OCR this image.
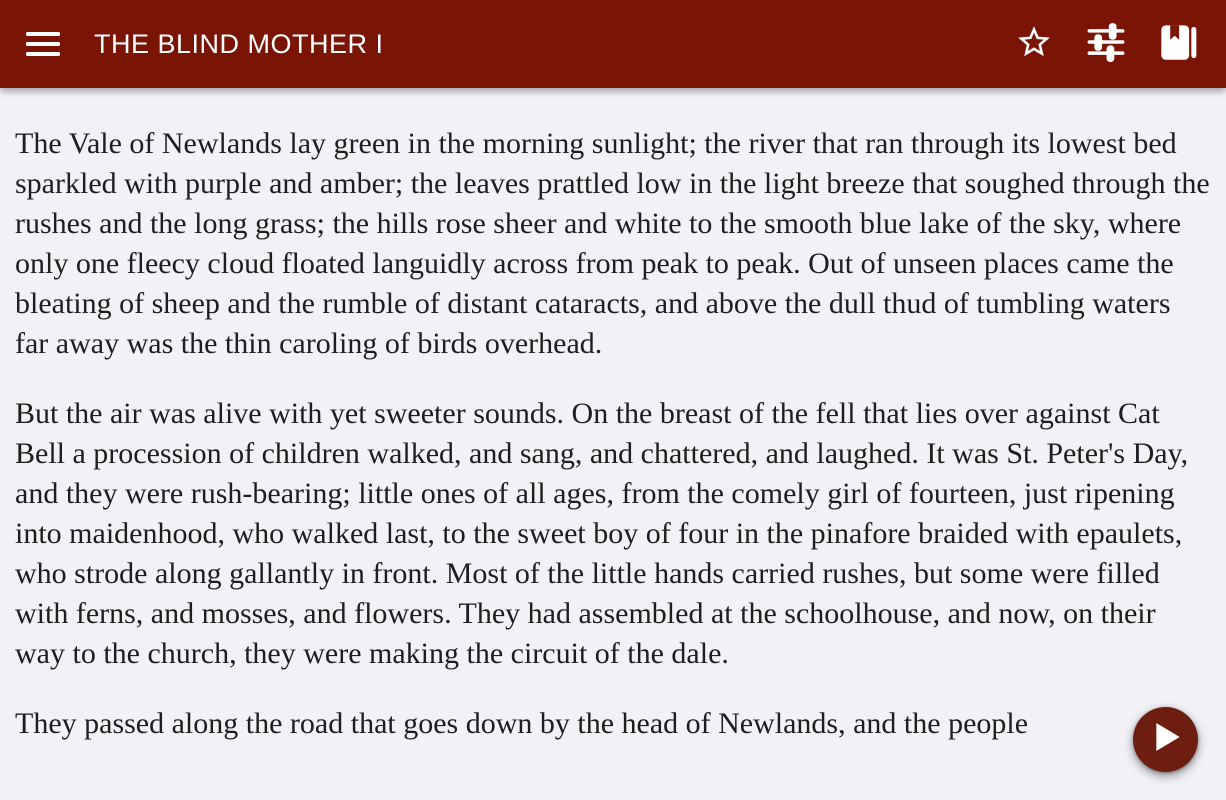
THE BLIND MOTHER I

The Vale of Newlands lay green in the morning sunlight; the river that ran through its lowest bed sparkled with purple and amber; the leaves prattled low in the light breeze that soughed through the rushes and the long grass; the hills rose sheer and white to the smooth blue lake of the sky, where only one fleecy cloud floated languidly across from peak to peak. Out of unseen places came the bleating of sheep and the rumble of distant cataracts, and above the dull thud of tumbling waters far away was the thin caroling of birds overhead.

But the air was alive with yet sweeter sounds. On the breast of the fell that lies over against Cat Bell a procession of children walked, and sang, and chattered, and laughed. It was St. Peter's Day, and they were rush-bearing; little ones of all ages, from the comely girl of fourteen, just ripening into maidenhood, who walked last, to the sweet boy of four in the pinafore braided with epaulets, who strode along gallantly in front. Most of the little hands carried rushes, but some were filled with ferns, and mosses, and flowers. They had assembled at the schoolhouse, and now, on their way to the church, they were making the circuit of the dale.

They passed along the road that goes down by the head of Newlands, and the people
